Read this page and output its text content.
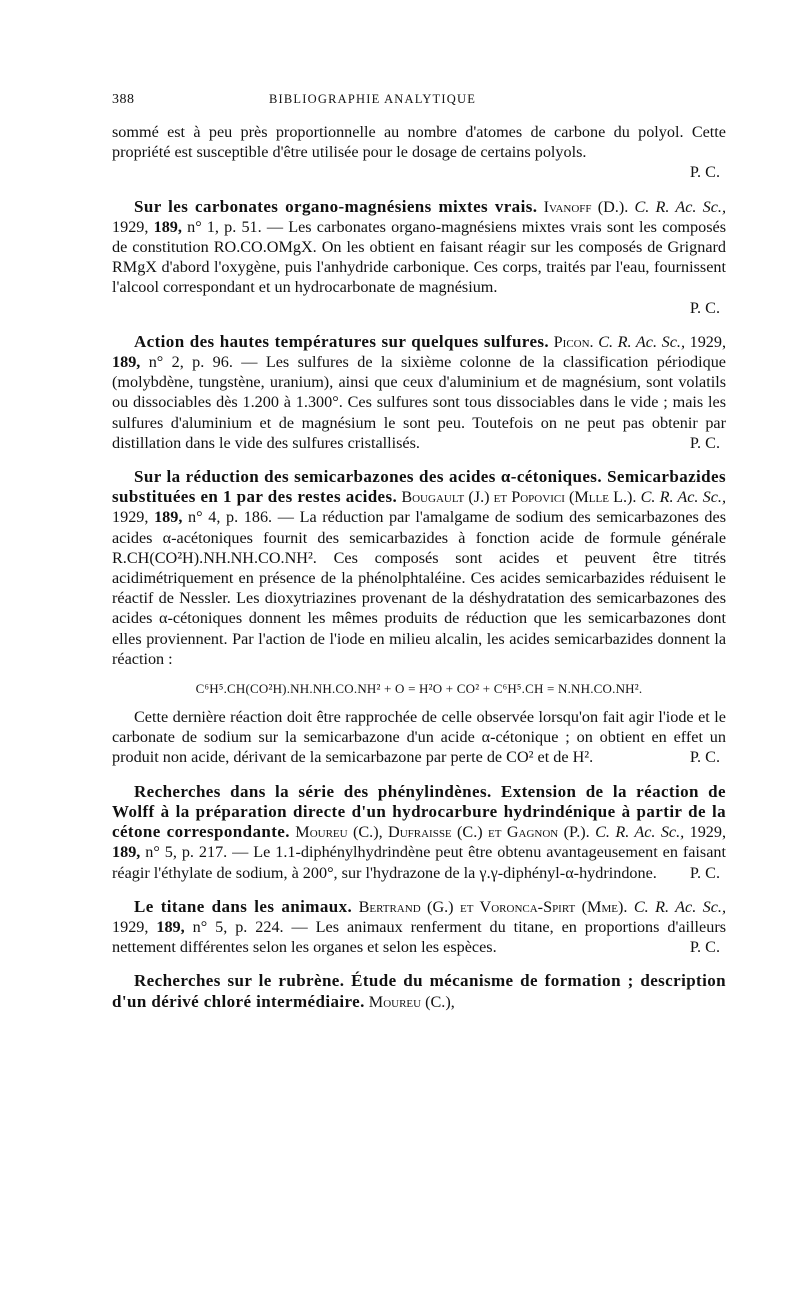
388	BIBLIOGRAPHIE ANALYTIQUE

sommé est à peu près proportionnelle au nombre d'atomes de carbone du polyol. Cette propriété est susceptible d'être utilisée pour le dosage de certains polyols.
P. C.

Sur les carbonates organo-magnésiens mixtes vrais. Ivanoff (D.). C. R. Ac. Sc., 1929, 189, n° 1, p. 51. — Les carbonates organo-magnésiens mixtes vrais sont les composés de constitution RO.CO.OMgX. On les obtient en faisant réagir sur les composés de Grignard RMgX d'abord l'oxygène, puis l'anhydride carbonique. Ces corps, traités par l'eau, fournissent l'alcool correspondant et un hydrocarbonate de magnésium.
P. C.

Action des hautes températures sur quelques sulfures. Picon. C. R. Ac. Sc., 1929, 189, n° 2, p. 96. — Les sulfures de la sixième colonne de la classification périodique (molybdène, tungstène, uranium), ainsi que ceux d'aluminium et de magnésium, sont volatils ou dissociables dès 1.200 à 1.300°. Ces sulfures sont tous dissociables dans le vide ; mais les sulfures d'aluminium et de magnésium le sont peu. Toutefois on ne peut pas obtenir par distillation dans le vide des sulfures cristallisés.	P. C.

Sur la réduction des semicarbazones des acides α-cétoniques. Semicarbazides substituées en 1 par des restes acides. Bougault (J.) et Popovici (Mlle L.). C. R. Ac. Sc., 1929, 189, n° 4, p. 186. — La réduction par l'amalgame de sodium des semicarbazones des acides α-acétoniques fournit des semicarbazides à fonction acide de formule générale R.CH(CO²H).NH.NH.CO.NH². Ces composés sont acides et peuvent être titrés acidimétriquement en présence de la phénolphtaléine. Ces acides semicarbazides réduisent le réactif de Nessler. Les dioxytriazines provenant de la déshydratation des semicarbazones des acides α-cétoniques donnent les mêmes produits de réduction que les semicarbazones dont elles proviennent. Par l'action de l'iode en milieu alcalin, les acides semicarbazides donnent la réaction :

C⁶H⁵.CH(CO²H).NH.NH.CO.NH² + O = H²O + CO² + C⁶H⁵.CH = N.NH.CO.NH².

Cette dernière réaction doit être rapprochée de celle observée lorsqu'on fait agir l'iode et le carbonate de sodium sur la semicarbazone d'un acide α-cétonique ; on obtient en effet un produit non acide, dérivant de la semicarbazone par perte de CO² et de H².	P. C.

Recherches dans la série des phénylindènes. Extension de la réaction de Wolff à la préparation directe d'un hydrocarbure hydrindénique à partir de la cétone correspondante. Moureu (C.), Dufraisse (C.) et Gagnon (P.). C. R. Ac. Sc., 1929, 189, n° 5, p. 217. — Le 1.1-diphénylhydrindène peut être obtenu avantageusement en faisant réagir l'éthylate de sodium, à 200°, sur l'hydrazone de la γ.γ-diphényl-α-hydrindone.	P. C.

Le titane dans les animaux. Bertrand (G.) et Voronca-Spirt (Mme). C. R. Ac. Sc., 1929, 189, n° 5, p. 224. — Les animaux renferment du titane, en proportions d'ailleurs nettement différentes selon les organes et selon les espèces.	P. C.

Recherches sur le rubrène. Étude du mécanisme de formation ; description d'un dérivé chloré intermédiaire. Moureu (C.),
